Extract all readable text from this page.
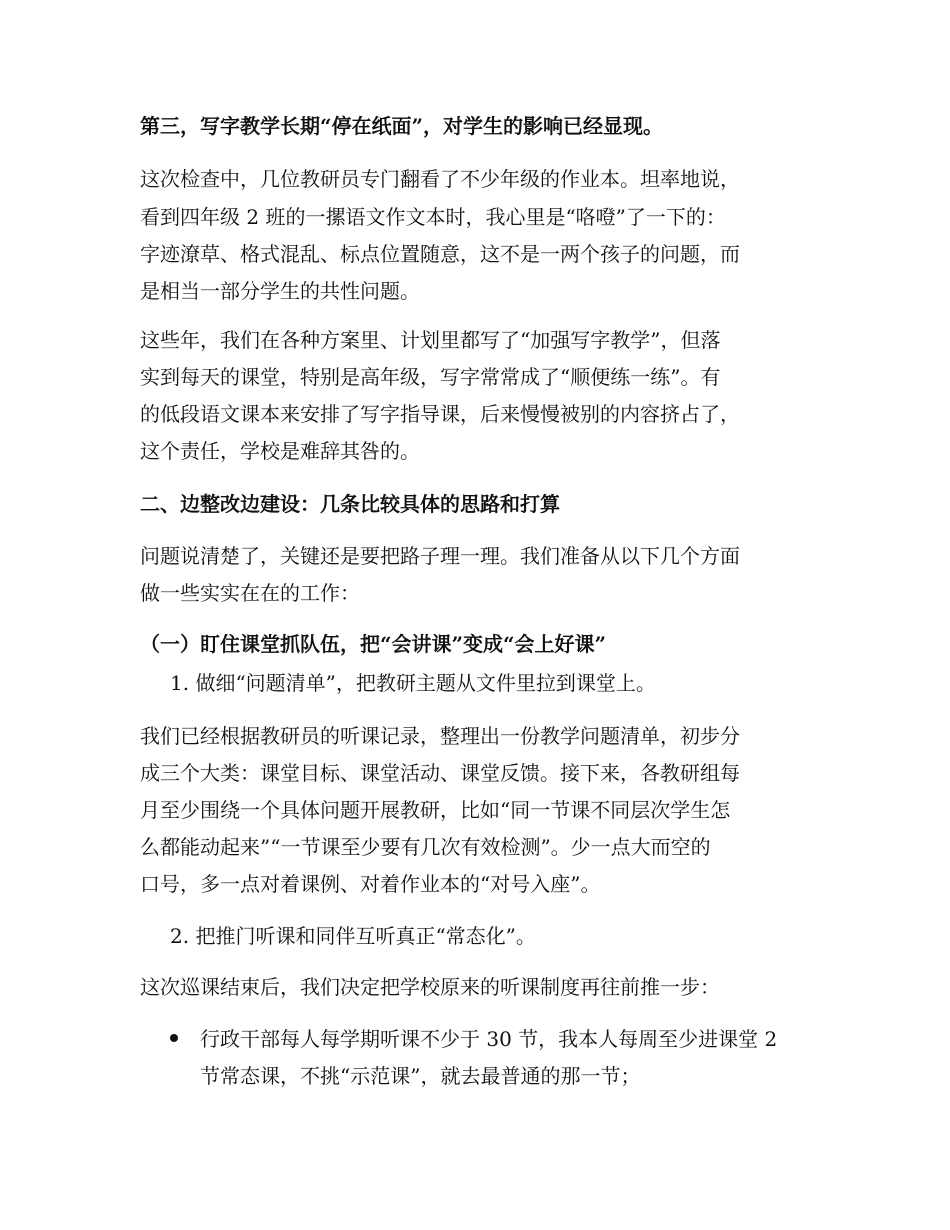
第三，写字教学长期“停在纸面”，对学生的影响已经显现。
这次检查中，几位教研员专门翻看了不少年级的作业本。坦率地说，
看到四年级 2 班的一摞语文作文本时，我心里是“咯噔”了一下的：
字迹潦草、格式混乱、标点位置随意，这不是一两个孩子的问题，而
是相当一部分学生的共性问题。
这些年，我们在各种方案里、计划里都写了“加强写字教学”，但落
实到每天的课堂，特别是高年级，写字常常成了“顺便练一练”。有
的低段语文课本来安排了写字指导课，后来慢慢被别的内容挤占了，
这个责任，学校是难辞其咎的。
二、边整改边建设：几条比较具体的思路和打算
问题说清楚了，关键还是要把路子理一理。我们准备从以下几个方面
做一些实实在在的工作：
（一）盯住课堂抓队伍，把“会讲课”变成“会上好课”
1. 做细“问题清单”，把教研主题从文件里拉到课堂上。
我们已经根据教研员的听课记录，整理出一份教学问题清单，初步分
成三个大类：课堂目标、课堂活动、课堂反馈。接下来，各教研组每
月至少围绕一个具体问题开展教研，比如“同一节课不同层次学生怎
么都能动起来”“一节课至少要有几次有效检测”。少一点大而空的
口号，多一点对着课例、对着作业本的“对号入座”。
2. 把推门听课和同伴互听真正“常态化”。
这次巡课结束后，我们决定把学校原来的听课制度再往前推一步：
行政干部每人每学期听课不少于 30 节，我本人每周至少进课堂 2
节常态课，不挑“示范课”，就去最普通的那一节；
